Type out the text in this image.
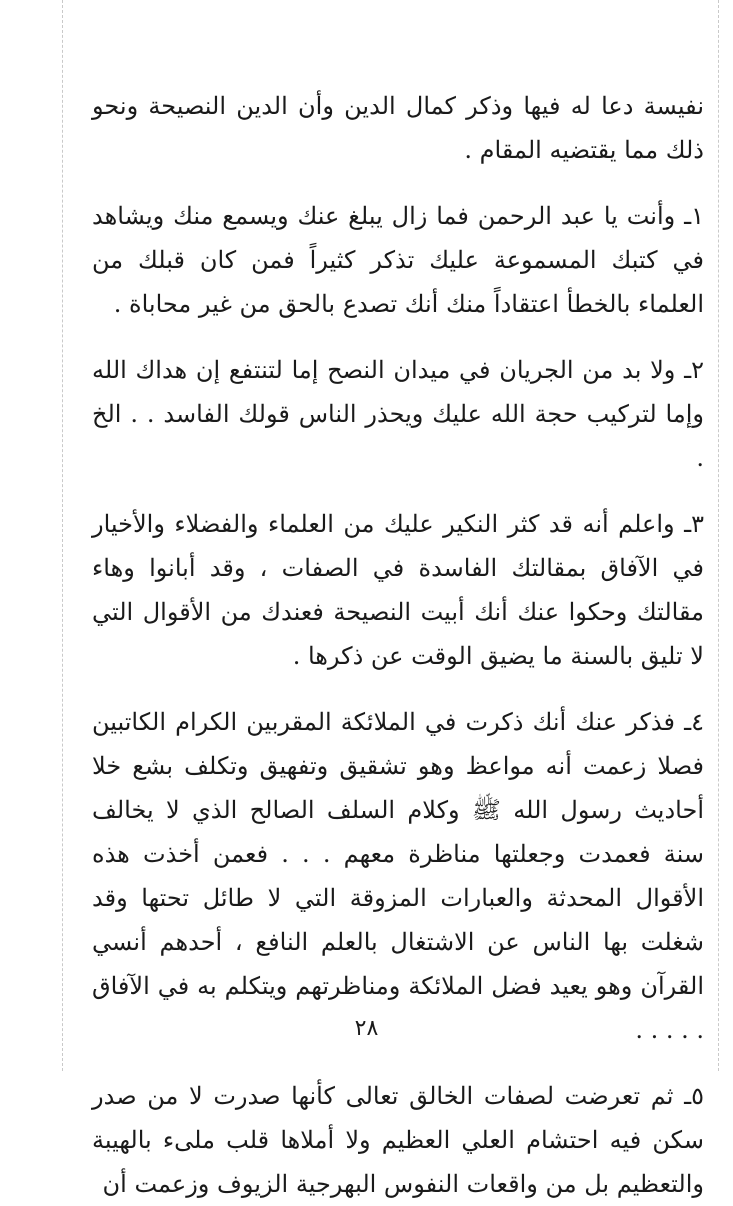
نفيسة دعا له فيها وذكر كمال الدين وأن الدين النصيحة ونحو ذلك مما يقتضيه المقام .

١ـ وأنت يا عبد الرحمن فما زال يبلغ عنك ويسمع منك ويشاهد في كتبك المسموعة عليك تذكر كثيراً فمن كان قبلك من العلماء بالخطأ اعتقاداً منك أنك تصدع بالحق من غير محاباة .

٢ـ ولا بد من الجريان في ميدان النصح إما لتنتفع إن هداك الله وإما لتركيب حجة الله عليك ويحذر الناس قولك الفاسد . . الخ .

٣ـ واعلم أنه قد كثر النكير عليك من العلماء والفضلاء والأخيار في الآفاق بمقالتك الفاسدة في الصفات ، وقد أبانوا وهاء مقالتك وحكوا عنك أنك أبيت النصيحة فعندك من الأقوال التي لا تليق بالسنة ما يضيق الوقت عن ذكرها .

٤ـ فذكر عنك أنك ذكرت في الملائكة المقربين الكرام الكاتبين فصلا زعمت أنه مواعظ وهو تشقيق وتفهيق وتكلف بشع خلا أحاديث رسول الله ﷺ وكلام السلف الصالح الذي لا يخالف سنة فعمدت وجعلتها مناظرة معهم . . . فعمن أخذت هذه الأقوال المحدثة والعبارات المزوقة التي لا طائل تحتها وقد شغلت بها الناس عن الاشتغال بالعلم النافع ، أحدهم أنسي القرآن وهو يعيد فضل الملائكة ومناظرتهم ويتكلم به في الآفاق . . . . .

٥ـ ثم تعرضت لصفات الخالق تعالى كأنها صدرت لا من صدر سكن فيه احتشام العلي العظيم ولا أملاها قلب ملىء بالهيبة والتعظيم بل من واقعات النفوس البهرجية الزيوف وزعمت أن

٢٨
